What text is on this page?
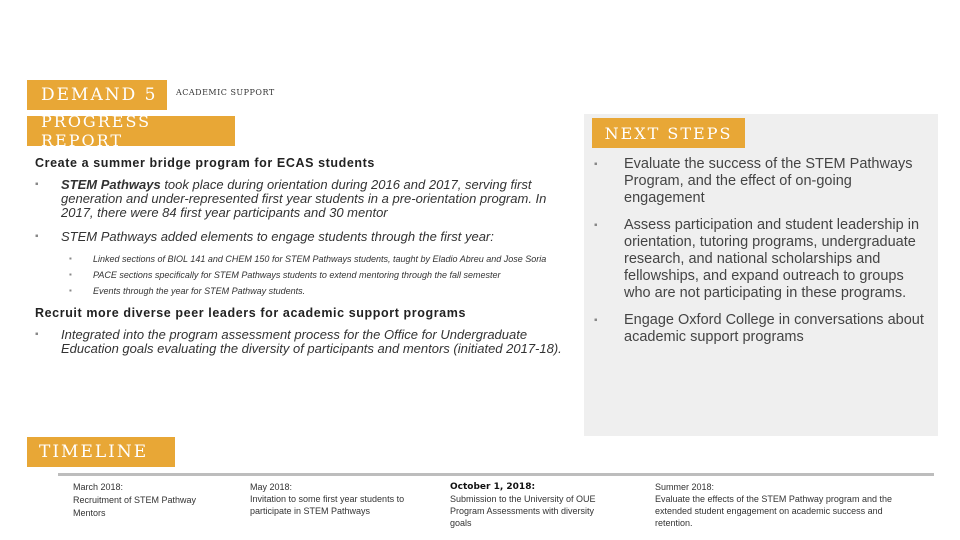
DEMAND 5	ACADEMIC SUPPORT
PROGRESS REPORT	NEXT STEPS
Create a summer bridge program for ECAS students
▪ STEM Pathways took place during orientation during 2016 and 2017, serving first generation and under-represented first year students in a pre-orientation program. In 2017, there were 84 first year participants and 30 mentor
▪ STEM Pathways added elements to engage students through the first year:
▪ Linked sections of BIOL 141 and CHEM 150 for STEM Pathways students, taught by Eladio Abreu and Jose Soria
▪ PACE sections specifically for STEM Pathways students to extend mentoring through the fall semester
▪ Events through the year for STEM Pathway students.
Recruit more diverse peer leaders for academic support programs
▪ Integrated into the program assessment process for the Office for Undergraduate Education goals evaluating the diversity of participants and mentors (initiated 2017-18).
▪ Evaluate the success of the STEM Pathways Program, and the effect of on-going engagement
▪ Assess participation and student leadership in orientation, tutoring programs, undergraduate research, and national scholarships and fellowships, and expand outreach to groups who are not participating in these programs.
▪ Engage Oxford College in conversations about academic support programs
TIMELINE
March 2018:
Recruitment of STEM Pathway Mentors
May 2018:
Invitation to some first year students to participate in STEM Pathways
October 1, 2018:
Submission to the University of OUE Program Assessments with diversity goals
Summer 2018:
Evaluate the effects of the STEM Pathway program and the extended student engagement on academic success and retention.
